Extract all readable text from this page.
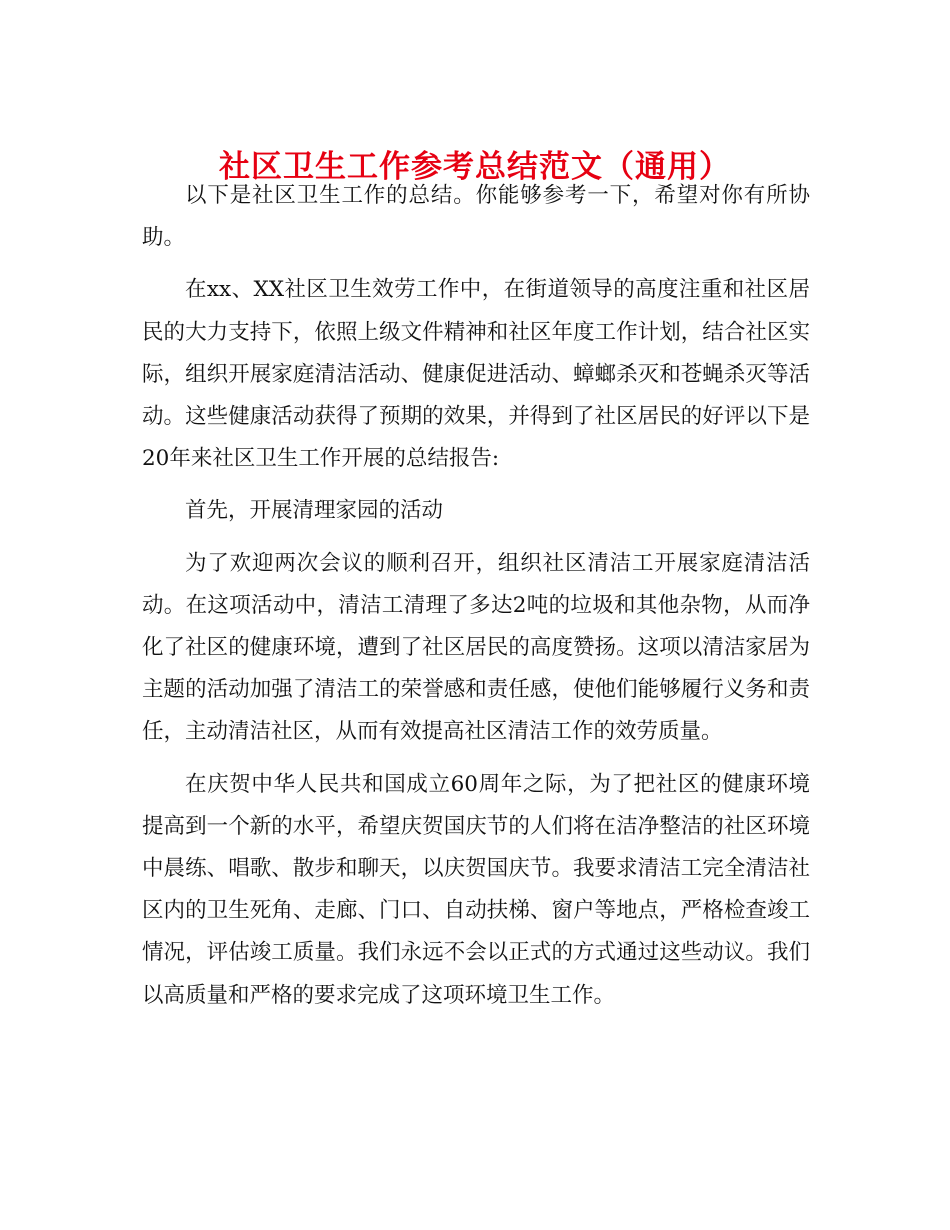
社区卫生工作参考总结范文（通用）

以下是社区卫生工作的总结。你能够参考一下，希望对你有所协助。

在xx、XX社区卫生效劳工作中，在街道领导的高度注重和社区居民的大力支持下，依照上级文件精神和社区年度工作计划，结合社区实际，组织开展家庭清洁活动、健康促进活动、蟑螂杀灭和苍蝇杀灭等活动。这些健康活动获得了预期的效果，并得到了社区居民的好评以下是20年来社区卫生工作开展的总结报告:

首先，开展清理家园的活动

为了欢迎两次会议的顺利召开，组织社区清洁工开展家庭清洁活动。在这项活动中，清洁工清理了多达2吨的垃圾和其他杂物，从而净化了社区的健康环境，遭到了社区居民的高度赞扬。这项以清洁家居为主题的活动加强了清洁工的荣誉感和责任感，使他们能够履行义务和责任，主动清洁社区，从而有效提高社区清洁工作的效劳质量。

在庆贺中华人民共和国成立60周年之际，为了把社区的健康环境提高到一个新的水平，希望庆贺国庆节的人们将在洁净整洁的社区环境中晨练、唱歌、散步和聊天，以庆贺国庆节。我要求清洁工完全清洁社区内的卫生死角、走廊、门口、自动扶梯、窗户等地点，严格检查竣工情况，评估竣工质量。我们永远不会以正式的方式通过这些动议。我们以高质量和严格的要求完成了这项环境卫生工作。
